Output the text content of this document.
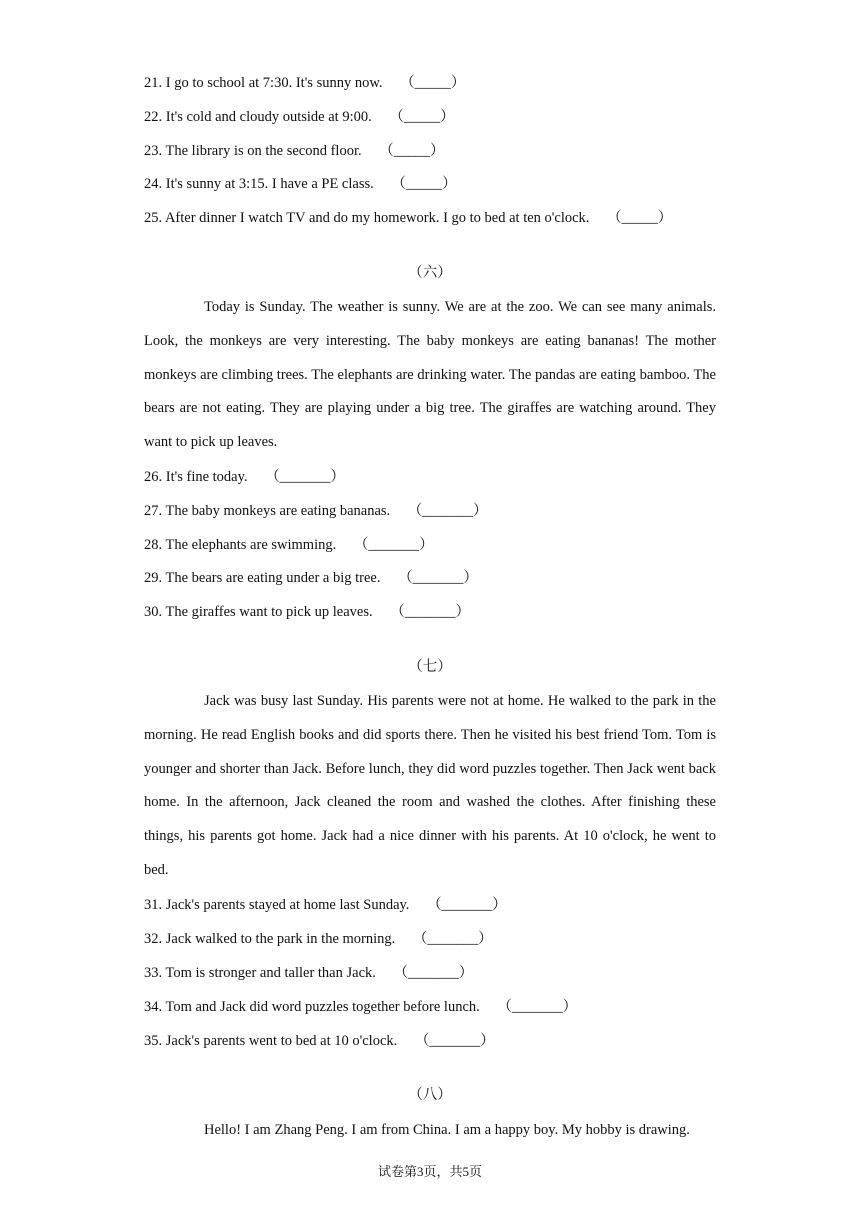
21. I go to school at 7:30. It's sunny now. （_____）
22. It's cold and cloudy outside at 9:00. （_____）
23. The library is on the second floor. （_____）
24. It's sunny at 3:15. I have a PE class. （_____）
25. After dinner I watch TV and do my homework. I go to bed at ten o'clock. （_____）
（六）
Today is Sunday. The weather is sunny. We are at the zoo. We can see many animals. Look, the monkeys are very interesting. The baby monkeys are eating bananas! The mother monkeys are climbing trees. The elephants are drinking water. The pandas are eating bamboo. The bears are not eating. They are playing under a big tree. The giraffes are watching around. They want to pick up leaves.
26. It's fine today. （_______）
27. The baby monkeys are eating bananas. （_______）
28. The elephants are swimming. （_______）
29. The bears are eating under a big tree. （_______）
30. The giraffes want to pick up leaves. （_______）
（七）
Jack was busy last Sunday. His parents were not at home. He walked to the park in the morning. He read English books and did sports there. Then he visited his best friend Tom. Tom is younger and shorter than Jack. Before lunch, they did word puzzles together. Then Jack went back home. In the afternoon, Jack cleaned the room and washed the clothes. After finishing these things, his parents got home. Jack had a nice dinner with his parents. At 10 o'clock, he went to bed.
31. Jack's parents stayed at home last Sunday. （_______）
32. Jack walked to the park in the morning. （_______）
33. Tom is stronger and taller than Jack. （_______）
34. Tom and Jack did word puzzles together before lunch. （_______）
35. Jack's parents went to bed at 10 o'clock. （_______）
（八）
Hello! I am Zhang Peng. I am from China. I am a happy boy. My hobby is drawing.
试卷第3页，共5页
